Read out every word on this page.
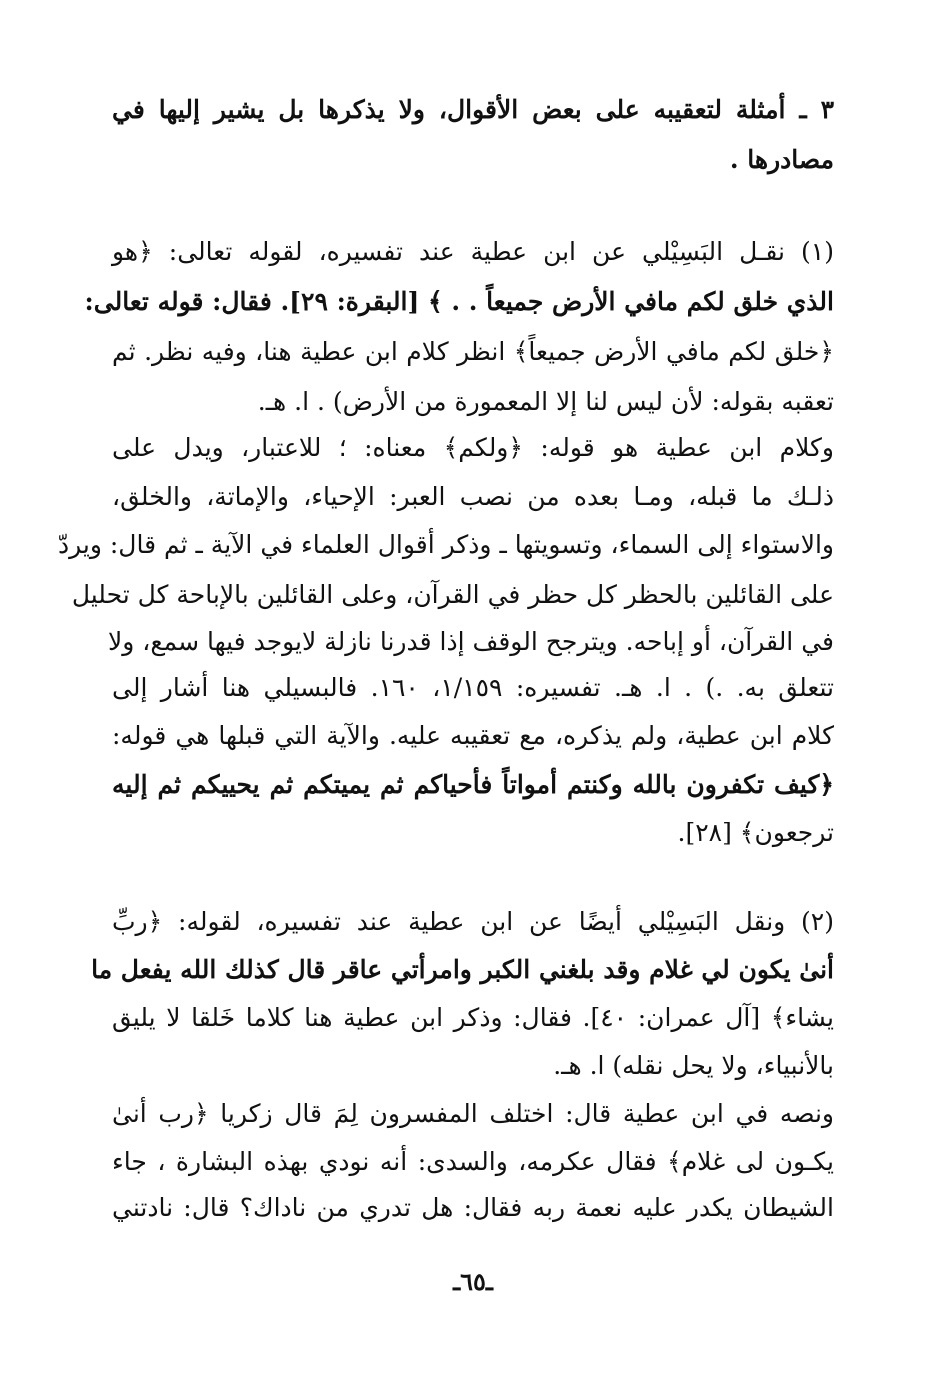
٣ ـ أمثلة لتعقيبه على بعض الأقوال، ولا يذكرها بل يشير إليها في
مصادرها .
(١) نقـل البَسِيْلي عن ابن عطية عند تفسيره، لقوله تعالى: ﴿هو
الذي خلق لكم مافي الأرض جميعاً . . ﴾ [البقرة: ٢٩]. فقال: قوله تعالى:
﴿خلق لكم مافي الأرض جميعاً﴾ انظر كلام ابن عطية هنا، وفيه نظر. ثم
تعقبه بقوله: لأن ليس لنا إلا المعمورة من الأرض) . ا. هـ.
وكلام ابن عطية هو قوله: ﴿ولكم﴾ معناه: ؛ للاعتبار، ويدل على
ذلـك ما قبله، ومـا بعده من نصب العبر: الإحياء، والإماتة، والخلق،
والاستواء إلى السماء، وتسويتها ـ وذكر أقوال العلماء في الآية ـ ثم قال: ويردّ
على القائلين بالحظر كل حظر في القرآن، وعلى القائلين بالإباحة كل تحليل
في القرآن، أو إباحه. ويترجح الوقف إذا قدرنا نازلة لايوجد فيها سمع، ولا
تتعلق به. .) . ا. هـ. تفسيره: ١/١٥٩، ١٦٠. فالبسيلي هنا أشار إلى
كلام ابن عطية، ولم يذكره، مع تعقيبه عليه. والآية التي قبلها هي قوله:
﴿كيف تكفرون بالله وكنتم أمواتاً فأحياكم ثم يميتكم ثم يحييكم ثم إليه
ترجعون﴾ [٢٨].
(٢) ونقل البَسِيْلي أيضًا عن ابن عطية عند تفسيره، لقوله: ﴿ربِّ
أنىٰ يكون لي غلام وقد بلغني الكبر وامرأتي عاقر قال كذلك الله يفعل ما
يشاء﴾ [آل عمران: ٤٠]. فقال: وذكر ابن عطية هنا كلاما خَلقا لا يليق
بالأنبياء، ولا يحل نقله) ا. هـ.
ونصه في ابن عطية قال: اختلف المفسرون لِمَ قال زكريا ﴿رب أنىٰ
يكـون لى غلام﴾ فقال عكرمه، والسدى: أنه نودي بهذه البشارة ، جاء
الشيطان يكدر عليه نعمة ربه فقال: هل تدري من ناداك؟ قال: نادتني
ـ٦٥ـ
